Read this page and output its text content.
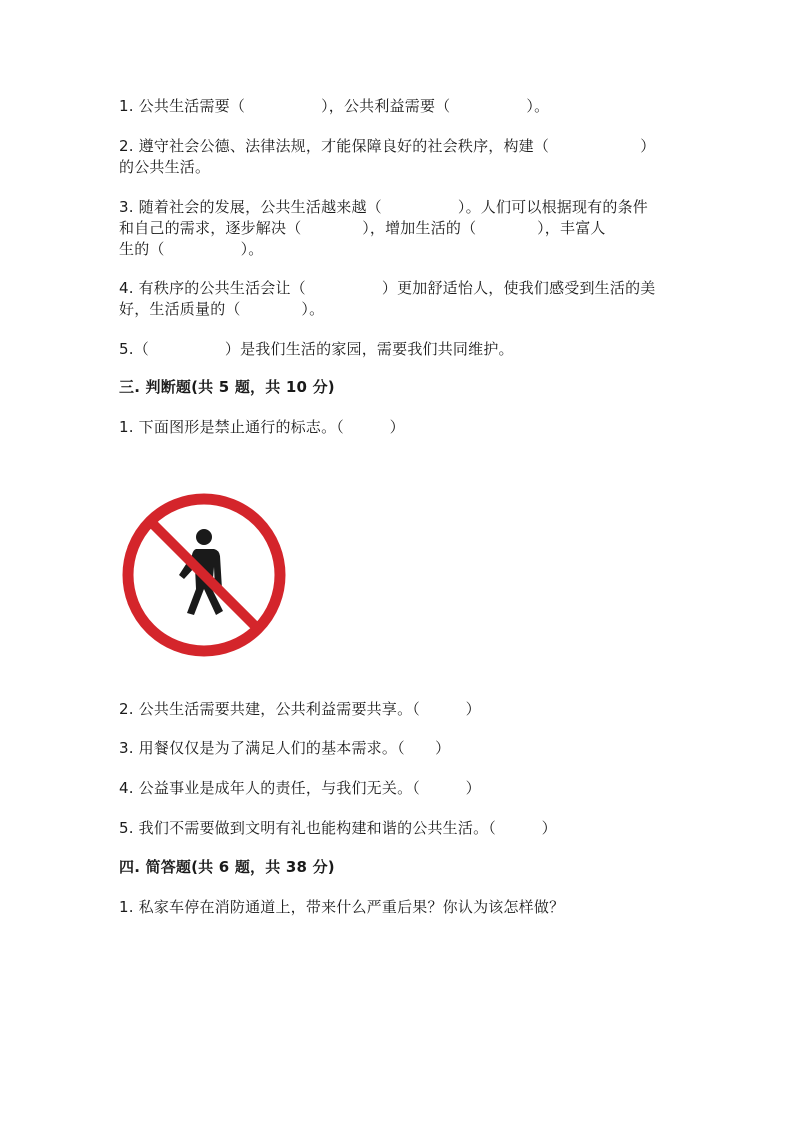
1. 公共生活需要（　　　　　），公共利益需要（　　　　　）。
2. 遵守社会公德、法律法规，才能保障良好的社会秩序，构建（　　　　　　）
的公共生活。
3. 随着社会的发展，公共生活越来越（　　　　　）。人们可以根据现有的条件
和自己的需求，逐步解决（　　　　），增加生活的（　　　　），丰富人
生的（　　　　　）。
4. 有秩序的公共生活会让（　　　　　）更加舒适怡人，使我们感受到生活的美
好，生活质量的（　　　　）。
5.（　　　　　）是我们生活的家园，需要我们共同维护。
三. 判断题(共 5 题，共 10 分)
1. 下面图形是禁止通行的标志。（　　　）
2. 公共生活需要共建，公共利益需要共享。（　　　）
3. 用餐仅仅是为了满足人们的基本需求。（　　）
4. 公益事业是成年人的责任，与我们无关。（　　　）
5. 我们不需要做到文明有礼也能构建和谐的公共生活。（　　　）
四. 简答题(共 6 题，共 38 分)
1. 私家车停在消防通道上，带来什么严重后果？你认为该怎样做？
